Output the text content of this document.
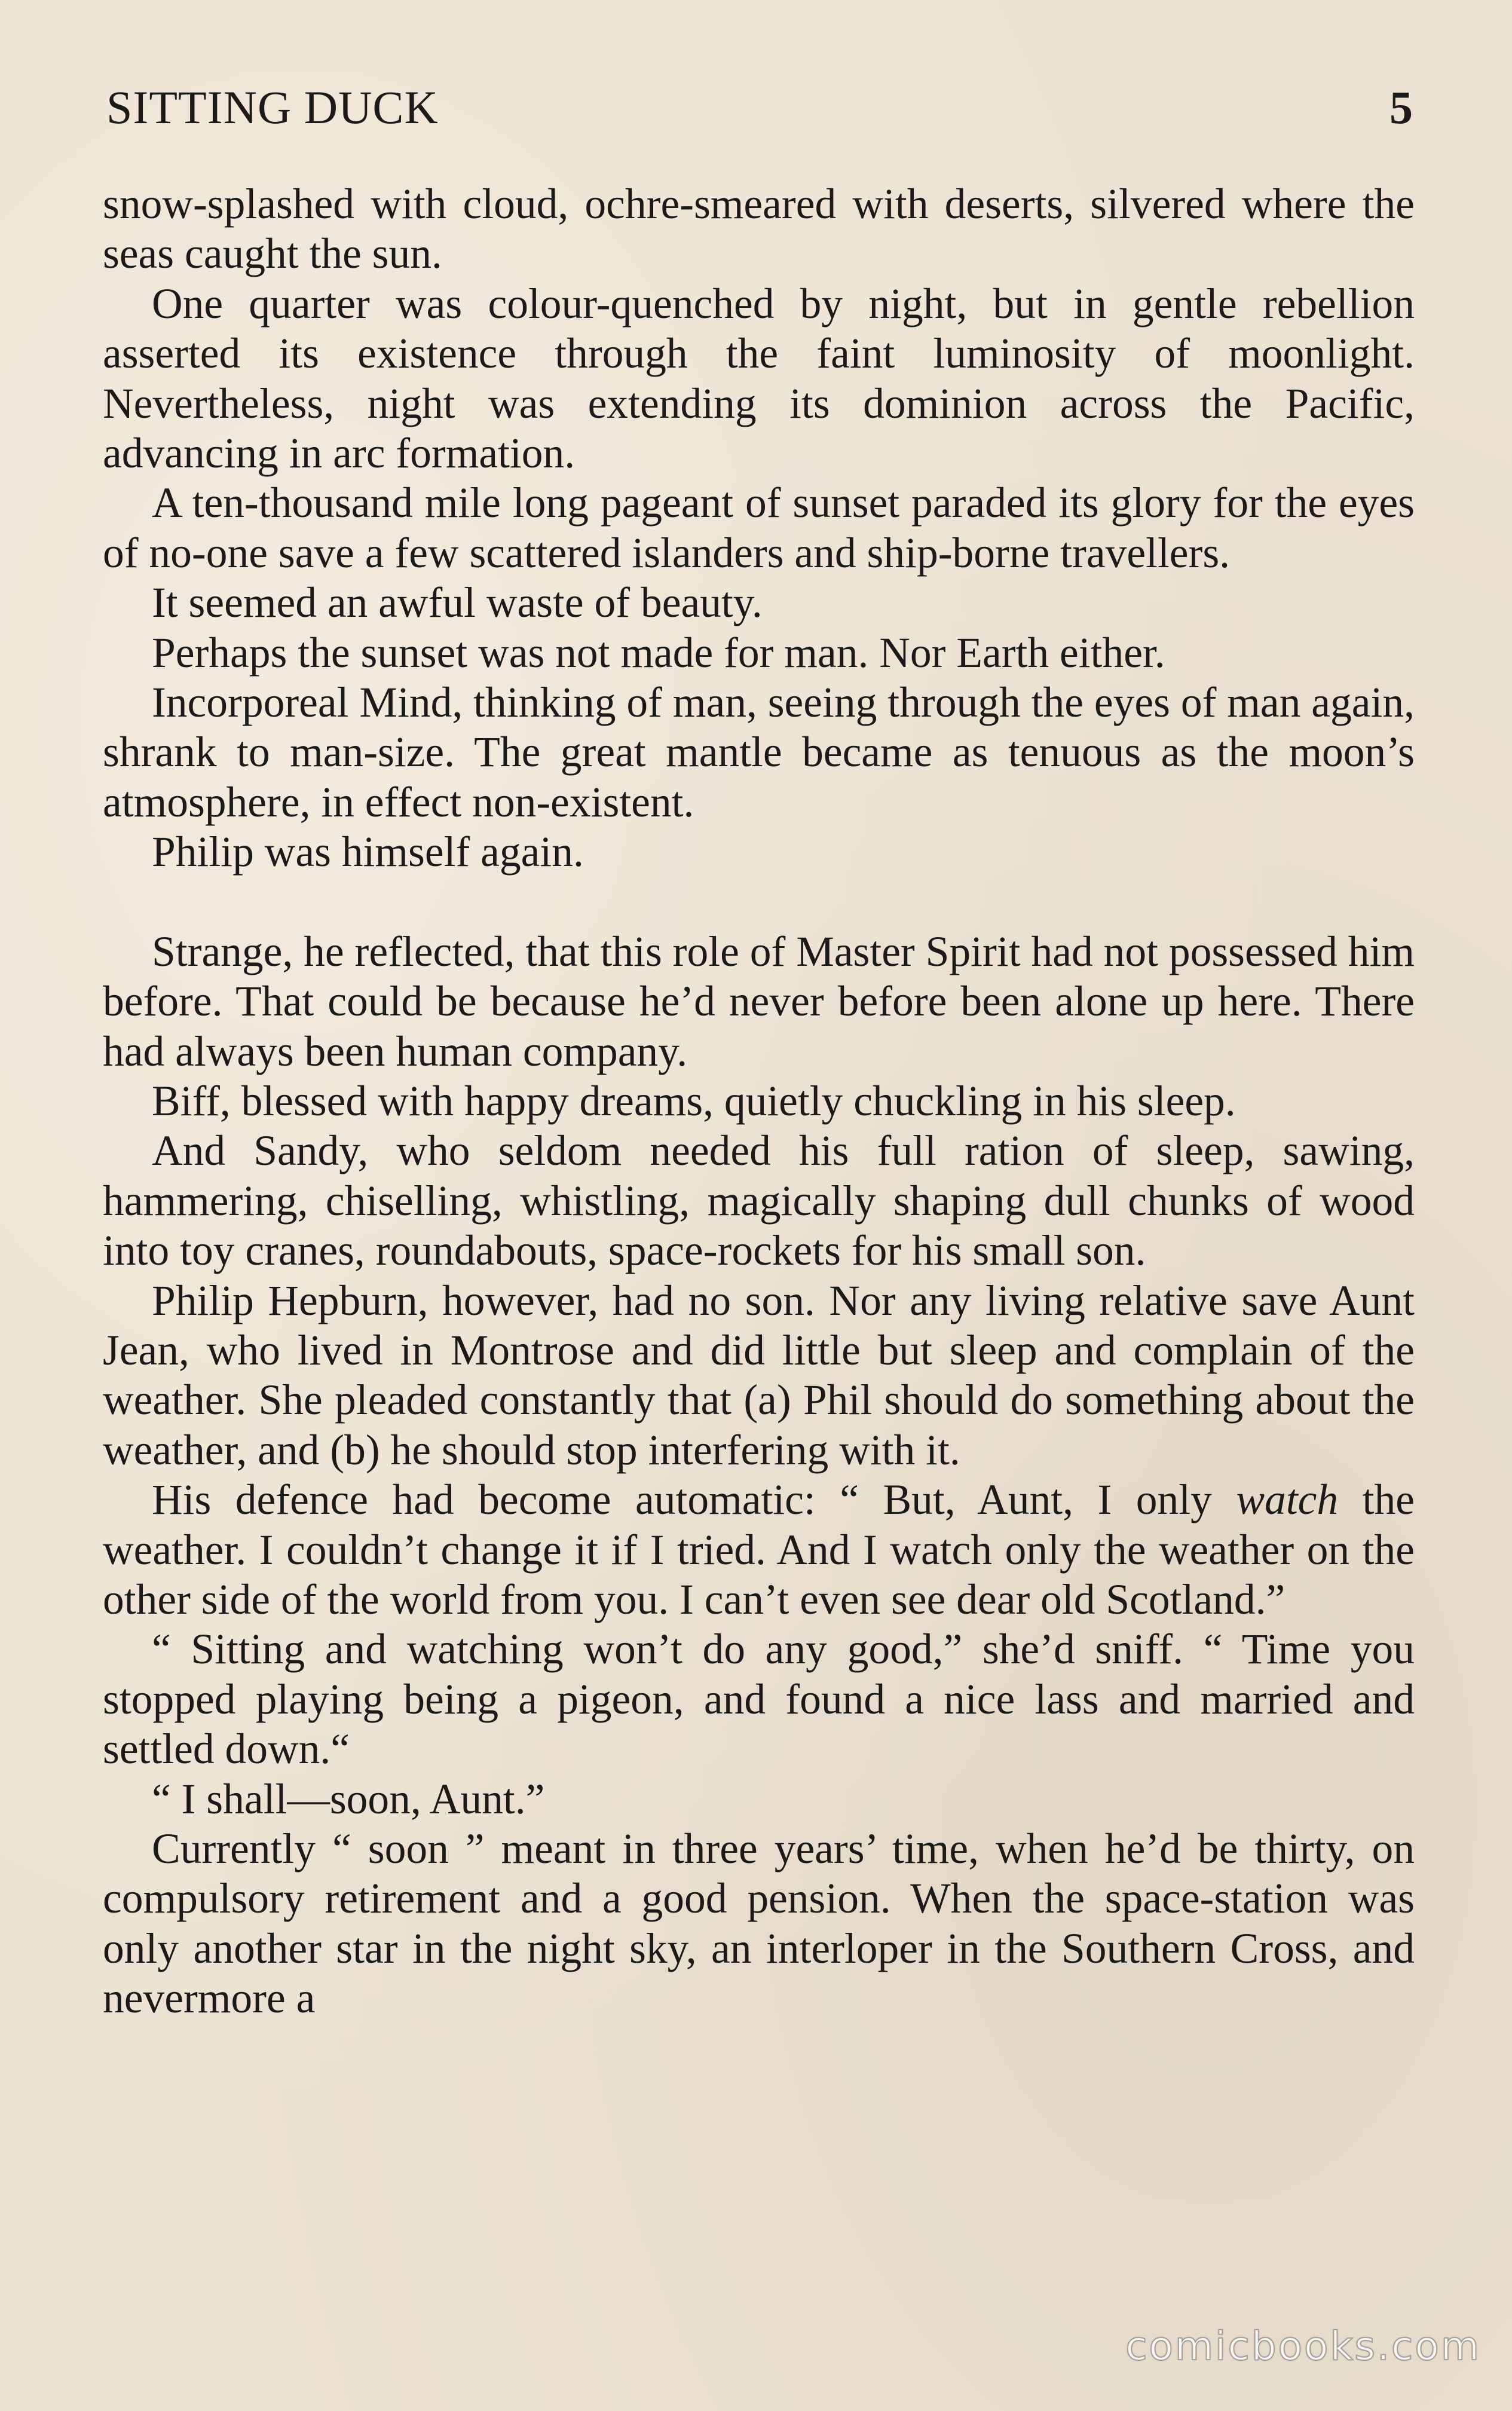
SITTING DUCK	5

snow-splashed with cloud, ochre-smeared with deserts, silvered where the seas caught the sun.

One quarter was colour-quenched by night, but in gentle rebellion asserted its existence through the faint luminosity of moonlight. Nevertheless, night was extending its dominion across the Pacific, advancing in arc formation.

A ten-thousand mile long pageant of sunset paraded its glory for the eyes of no-one save a few scattered islanders and ship-borne travellers.

It seemed an awful waste of beauty.

Perhaps the sunset was not made for man. Nor Earth either.

Incorporeal Mind, thinking of man, seeing through the eyes of man again, shrank to man-size. The great mantle became as tenuous as the moon’s atmosphere, in effect non-existent.

Philip was himself again.

Strange, he reflected, that this role of Master Spirit had not possessed him before. That could be because he’d never before been alone up here. There had always been human company.

Biff, blessed with happy dreams, quietly chuckling in his sleep.

And Sandy, who seldom needed his full ration of sleep, sawing, hammering, chiselling, whistling, magically shaping dull chunks of wood into toy cranes, roundabouts, space-rockets for his small son.

Philip Hepburn, however, had no son. Nor any living relative save Aunt Jean, who lived in Montrose and did little but sleep and complain of the weather. She pleaded constantly that (a) Phil should do something about the weather, and (b) he should stop interfering with it.

His defence had become automatic: “ But, Aunt, I only watch the weather. I couldn’t change it if I tried. And I watch only the weather on the other side of the world from you. I can’t even see dear old Scotland.”

“ Sitting and watching won’t do any good,” she’d sniff. “ Time you stopped playing being a pigeon, and found a nice lass and married and settled down.“

“ I shall—soon, Aunt.”

Currently “ soon ” meant in three years’ time, when he’d be thirty, on compulsory retirement and a good pension. When the space-station was only another star in the night sky, an interloper in the Southern Cross, and nevermore a

comicbooks.com
